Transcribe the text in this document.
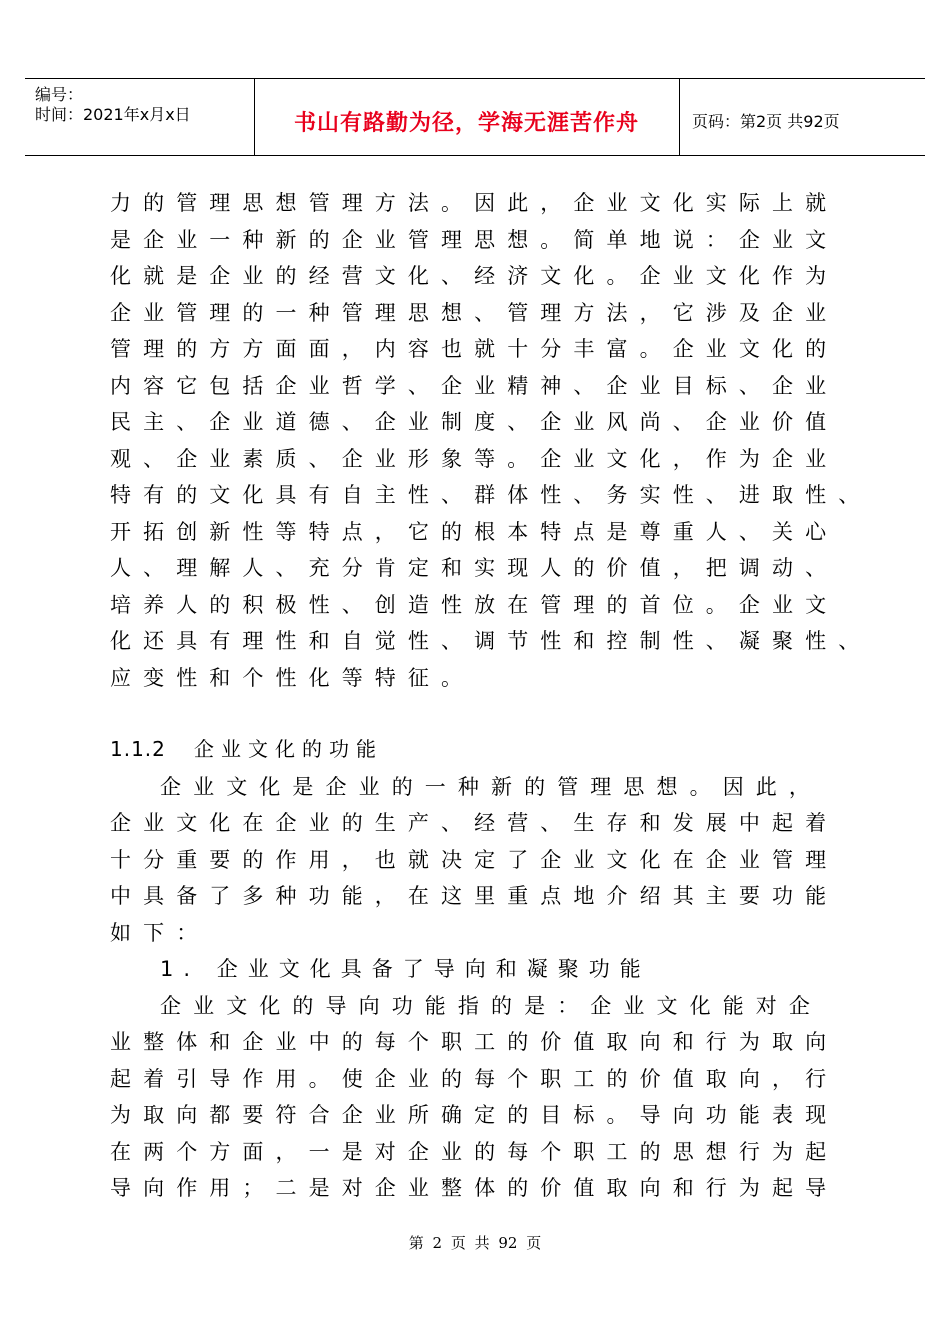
编号：
时间：2021年x月x日	书山有路勤为径，学海无涯苦作舟	页码：第2页 共92页
力的管理思想管理方法。因此，企业文化实际上就
是企业一种新的企业管理思想。简单地说：企业文
化就是企业的经营文化、经济文化。企业文化作为
企业管理的一种管理思想、管理方法，它涉及企业
管理的方方面面，内容也就十分丰富。企业文化的
内容它包括企业哲学、企业精神、企业目标、企业
民主、企业道德、企业制度、企业风尚、企业价值
观、企业素质、企业形象等。企业文化，作为企业
特有的文化具有自主性、群体性、务实性、进取性、
开拓创新性等特点，它的根本特点是尊重人、关心
人、理解人、充分肯定和实现人的价值，把调动、
培养人的积极性、创造性放在管理的首位。企业文
化还具有理性和自觉性、调节性和控制性、凝聚性、
应变性和个性化等特征。
1.1.2 企业文化的功能
企业文化是企业的一种新的管理思想。因此，
企业文化在企业的生产、经营、生存和发展中起着
十分重要的作用，也就决定了企业文化在企业管理
中具备了多种功能，在这里重点地介绍其主要功能
如下：
1. 企业文化具备了导向和凝聚功能
企业文化的导向功能指的是：企业文化能对企
业整体和企业中的每个职工的价值取向和行为取向
起着引导作用。使企业的每个职工的价值取向，行
为取向都要符合企业所确定的目标。导向功能表现
在两个方面，一是对企业的每个职工的思想行为起
导向作用；二是对企业整体的价值取向和行为起导
第 2 页 共 92 页
